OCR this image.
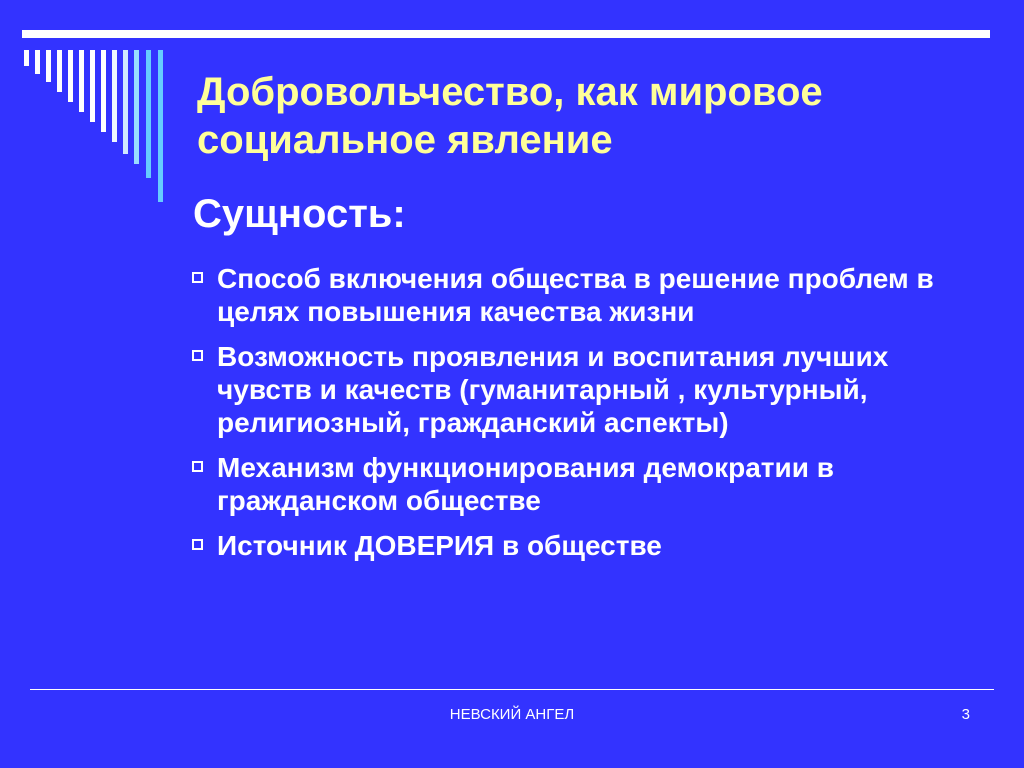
Добровольчество, как мировое социальное явление
Сущность:
Способ включения общества в решение проблем в целях повышения качества жизни
Возможность проявления и воспитания лучших чувств и качеств (гуманитарный , культурный, религиозный, гражданский аспекты)
Механизм функционирования демократии в гражданском обществе
Источник ДОВЕРИЯ в обществе
НЕВСКИЙ АНГЕЛ	3
